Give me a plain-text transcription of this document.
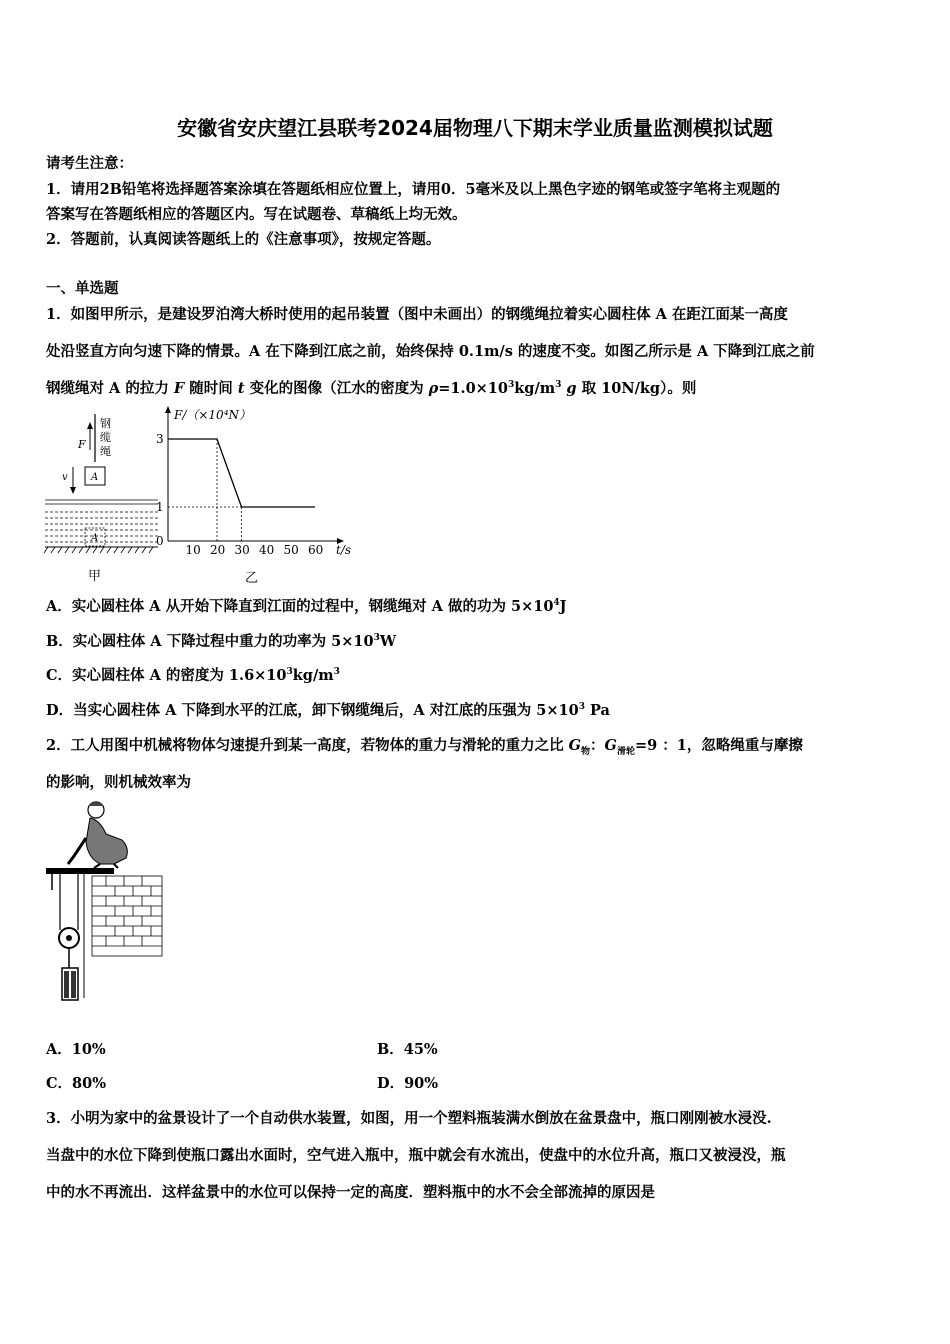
安徽省安庆望江县联考2024届物理八下期末学业质量监测模拟试题
请考生注意：
1．请用2B铅笔将选择题答案涂填在答题纸相应位置上，请用0．5毫米及以上黑色字迹的钢笔或签字笔将主观题的
答案写在答题纸相应的答题区内。写在试题卷、草稿纸上均无效。
2．答题前，认真阅读答题纸上的《注意事项》，按规定答题。
一、单选题
1．如图甲所示，是建设罗泊湾大桥时使用的起吊装置（图中未画出）的钢缆绳拉着实心圆柱体 A 在距江面某一高度
处沿竖直方向匀速下降的情景。A 在下降到江底之前，始终保持 0.1m/s 的速度不变。如图乙所示是 A 下降到江底之前
钢缆绳对 A 的拉力 F 随时间 t 变化的图像（江水的密度为 $\rho=1.0\times 10^3kg/m^3$ g 取 10N/kg）。则
钢
缆
绳
F
A
v
A
甲
F/（×10⁴N）
t/s
10 20 30 40 50 60
0
1
3
乙
A．实心圆柱体 A 从开始下降直到江面的过程中，钢缆绳对 A 做的功为 $5\times 10^4J$
B．实心圆柱体 A 下降过程中重力的功率为 $5\times 10^3W$
C．实心圆柱体 A 的密度为 $1.6\times 10^3kg/m^3$
D．当实心圆柱体 A 下降到水平的江底，卸下钢缆绳后，A 对江底的压强为 $5\times 10^3$ Pa
2．工人用图中机械将物体匀速提升到某一高度，若物体的重力与滑轮的重力之比 $G_物$：$G_{滑轮}=9$ ：1，忽略绳重与摩擦
的影响，则机械效率为
A．10%	B．45%
C．80%	D．90%
3．小明为家中的盆景设计了一个自动供水装置，如图，用一个塑料瓶装满水倒放在盆景盘中，瓶口刚刚被水浸没.
当盘中的水位下降到使瓶口露出水面时，空气进入瓶中，瓶中就会有水流出，使盘中的水位升高，瓶口又被浸没，瓶
中的水不再流出．这样盆景中的水位可以保持一定的高度．塑料瓶中的水不会全部流掉的原因是
